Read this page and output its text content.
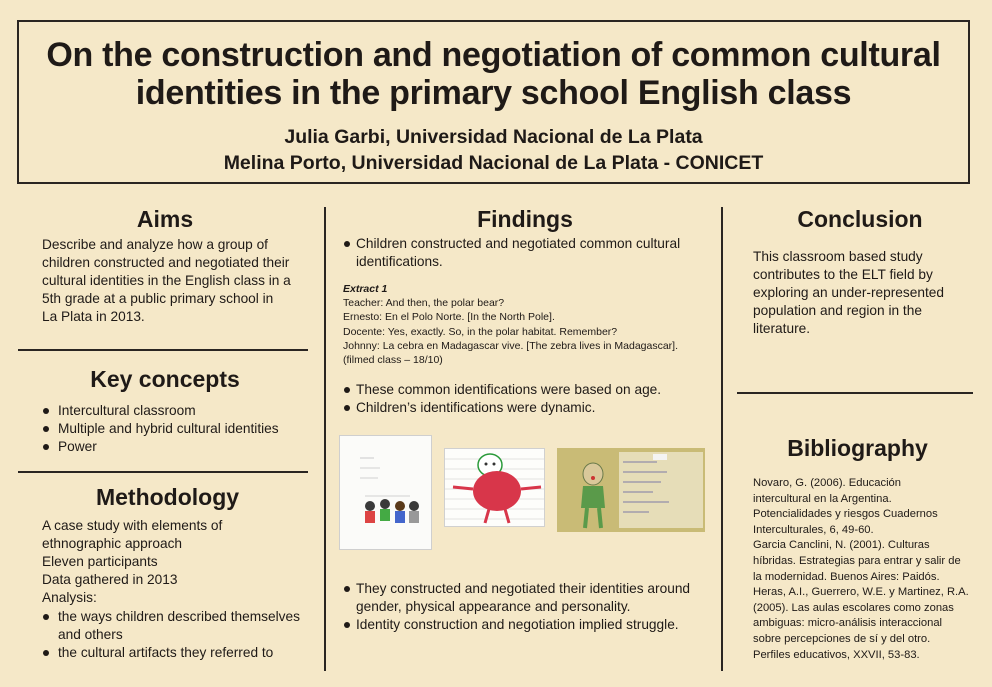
On the construction and negotiation of common cultural
identities in the primary school English class
Julia Garbi, Universidad Nacional de La Plata
Melina Porto, Universidad Nacional de La Plata - CONICET
Aims
Describe and analyze how a group of children constructed and negotiated their cultural identities in the English class in a 5th grade at a public primary school in La Plata in 2013.
Key concepts
Intercultural classroom
Multiple and hybrid cultural identities
Power
Methodology

A case study with elements of

ethnographic approach

Eleven participants

Data gathered in 2013

Analysis:

the ways children described themselves and others
the cultural artifacts they referred to
Findings
Children constructed and negotiated common cultural identifications.
Extract 1
Teacher: And then, the polar bear?
Ernesto: En el Polo Norte. [In the North Pole].
Docente: Yes, exactly. So, in the polar habitat. Remember?
Johnny: La cebra en Madagascar vive. [The zebra lives in Madagascar].
(filmed class – 18/10)
These common identifications were based on age.
Children’s identifications were dynamic.
They constructed and negotiated their identities around gender, physical appearance and personality.
Identity construction and negotiation implied struggle.
Conclusion
This classroom based study contributes to the ELT field by exploring an under-represented population and region in the literature.
Bibliography
Novaro, G. (2006). Educación
intercultural en la Argentina.
Potencialidades y riesgos Cuadernos
Interculturales, 6, 49-60.
Garcia Canclini, N. (2001). Culturas
híbridas. Estrategias para entrar y salir de
la modernidad. Buenos Aires: Paidós.
Heras, A.I., Guerrero, W.E. y Martinez, R.A.
(2005). Las aulas escolares como zonas
ambiguas: micro-análisis interaccional
sobre percepciones de sí y del otro.
Perfiles educativos, XXVII, 53-83.
